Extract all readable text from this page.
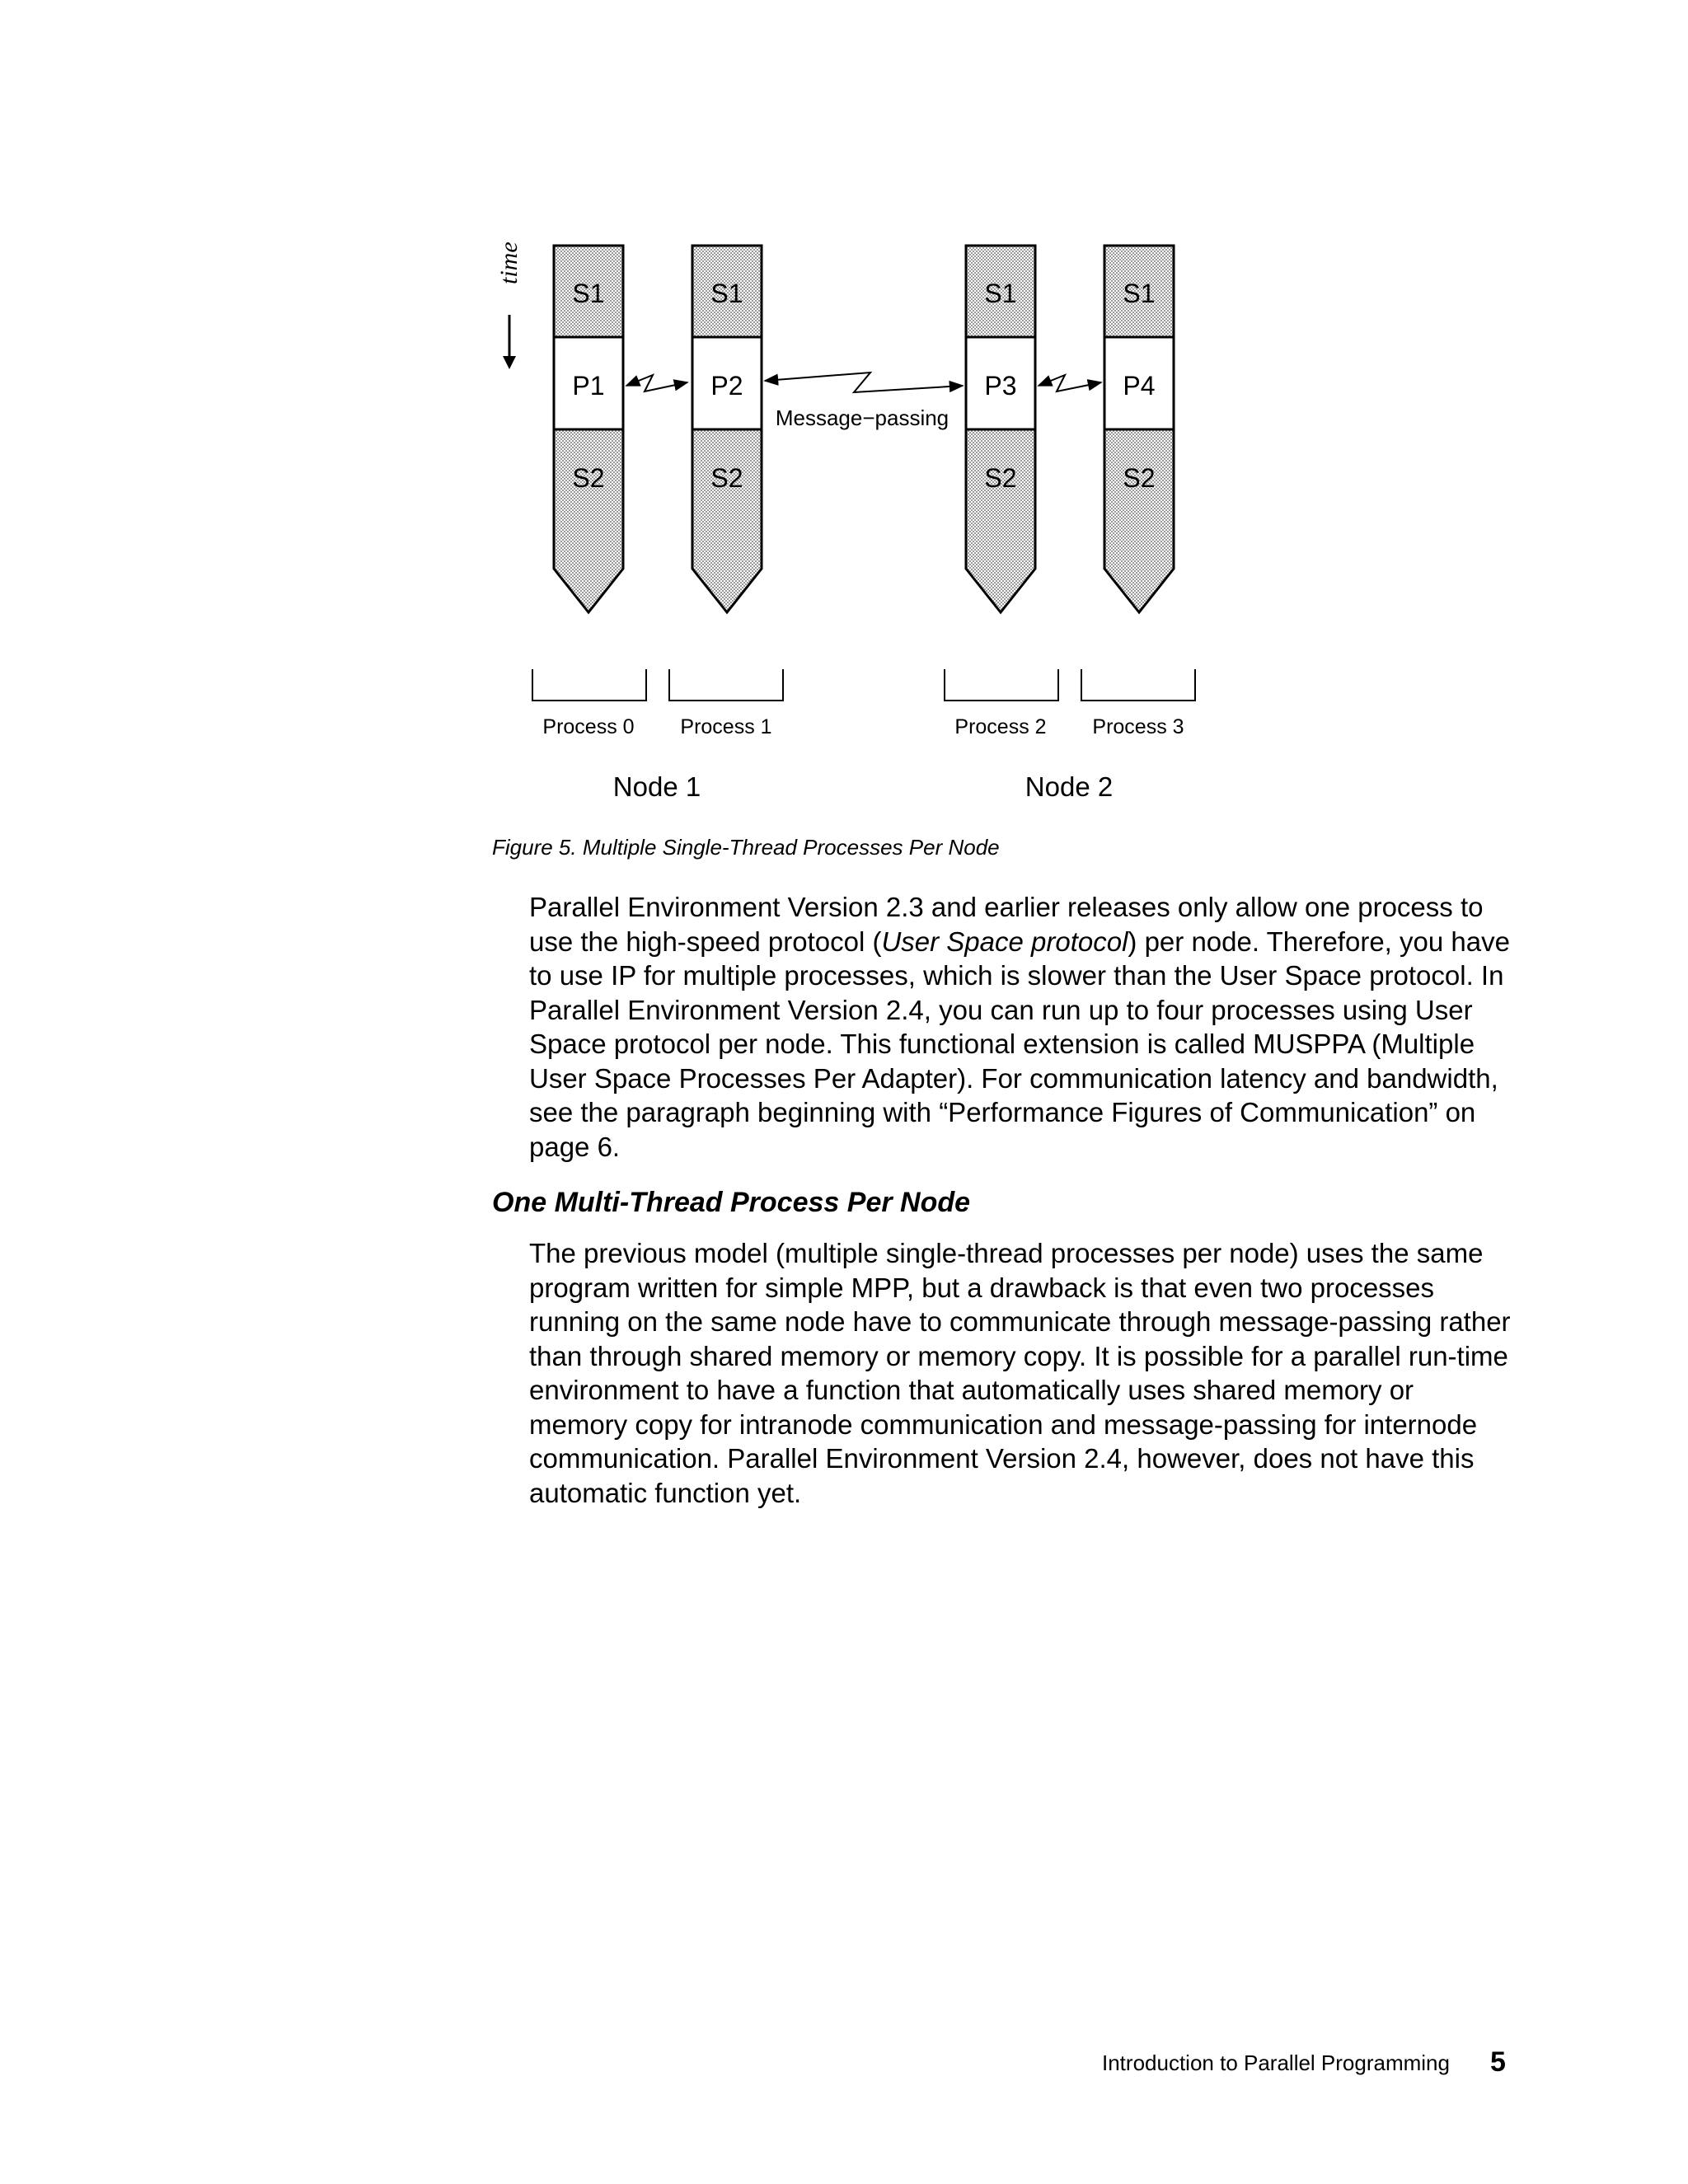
time
S1
P1
S2
S1
P2
S2
S1
P3
S2
S1
P4
S2
Message−passing
Process 0 Process 1	Process 2 Process 3
Node 1	Node 2

Figure 5. Multiple Single-Thread Processes Per Node

Parallel Environment Version 2.3 and earlier releases only allow one process to use the high-speed protocol (User Space protocol) per node. Therefore, you have to use IP for multiple processes, which is slower than the User Space protocol. In Parallel Environment Version 2.4, you can run up to four processes using User Space protocol per node. This functional extension is called MUSPPA (Multiple User Space Processes Per Adapter). For communication latency and bandwidth, see the paragraph beginning with “Performance Figures of Communication” on page 6.

One Multi-Thread Process Per Node

The previous model (multiple single-thread processes per node) uses the same program written for simple MPP, but a drawback is that even two processes running on the same node have to communicate through message-passing rather than through shared memory or memory copy. It is possible for a parallel run-time environment to have a function that automatically uses shared memory or memory copy for intranode communication and message-passing for internode communication. Parallel Environment Version 2.4, however, does not have this automatic function yet.

Introduction to Parallel Programming 5
